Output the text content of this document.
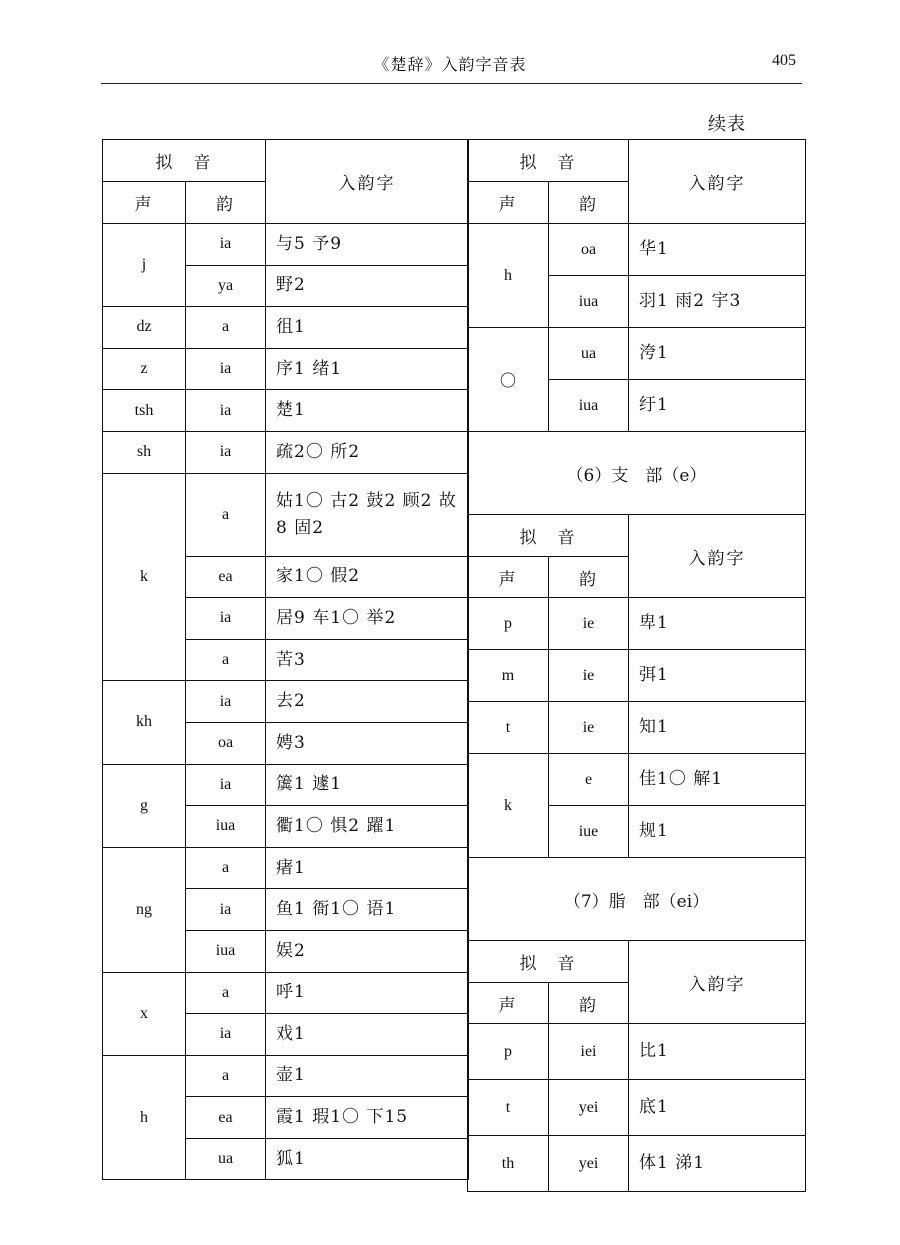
《楚辞》入韵字音表	405
续表
拟　音		入韵字
声	韵	
j	ia	与5 予9
	ya	野2
dz	a	徂1
z	ia	序1 绪1
tsh	ia	楚1
sh	ia	疏2〇 所2
k	a	姑1〇 古2 鼓2 顾2 故8 固2
	ea	家1〇 假2
	ia	居9 车1〇 举2
	a	苦3
kh	ia	去2
	oa	娉3
g	ia	簴1 遽1
	iua	衢1〇 惧2 躍1
ng	a	瘏1
	ia	鱼1 衙1〇 语1
	iua	娱2
x	a	呼1
	ia	戏1
h	a	壶1
	ea	霞1 瑕1〇 下15
	ua	狐1
拟　音		入韵字
声	韵	
h	oa	华1
	iua	羽1 雨2 宇3
〇	ua	洿1
	iua	纡1
（6）支　部（e）		
拟　音		入韵字
声	韵	
p	ie	卑1
m	ie	弭1
t	ie	知1
k	e	佳1〇 解1
	iue	规1
（7）脂　部（ei）		
拟　音		入韵字
声	韵	
p	iei	比1
t	yei	底1
th	yei	体1 涕1
